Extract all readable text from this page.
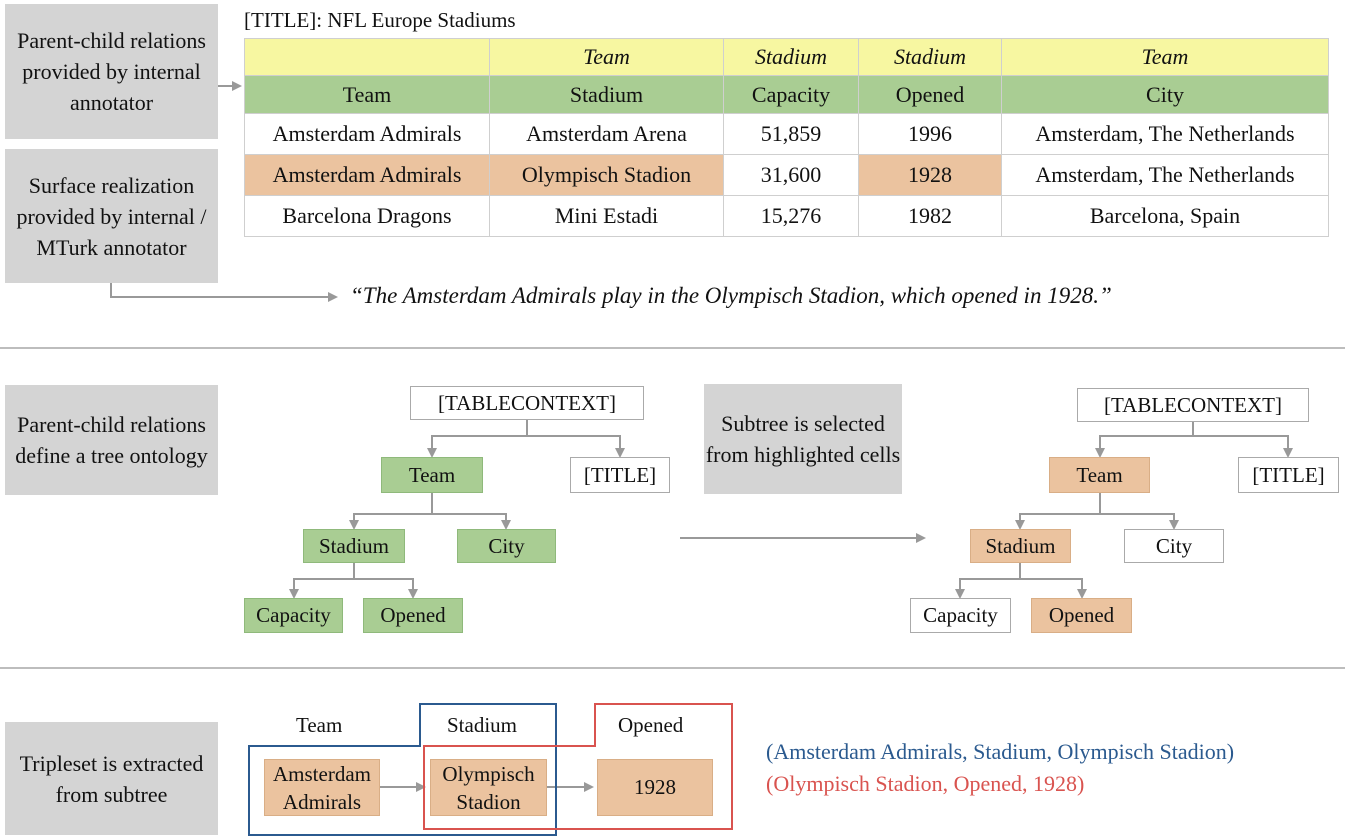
Parent-child relations provided by internal annotator
Surface realization provided by internal / MTurk annotator
Parent-child relations define a tree ontology
Tripleset is extracted from subtree
[TITLE]: NFL Europe Stadiums
	Team	Stadium	Stadium	Team
Team	Stadium	Capacity	Opened	City
Amsterdam Admirals	Amsterdam Arena	51,859	1996	Amsterdam, The Netherlands
Amsterdam Admirals	Olympisch Stadion	31,600	1928	Amsterdam, The Netherlands
Barcelona Dragons	Mini Estadi	15,276	1982	Barcelona, Spain
“The Amsterdam Admirals play in the Olympisch Stadion, which opened in 1928.”
[TABLECONTEXT]
Team	[TITLE]
Stadium	City
Capacity	Opened
Subtree is selected from highlighted cells
[TABLECONTEXT]
Team	[TITLE]
Stadium	City
Capacity	Opened
Team	Stadium	Opened
Amsterdam Admirals
Olympisch Stadion
1928
(Amsterdam Admirals, Stadium, Olympisch Stadion)
(Olympisch Stadion, Opened, 1928)
